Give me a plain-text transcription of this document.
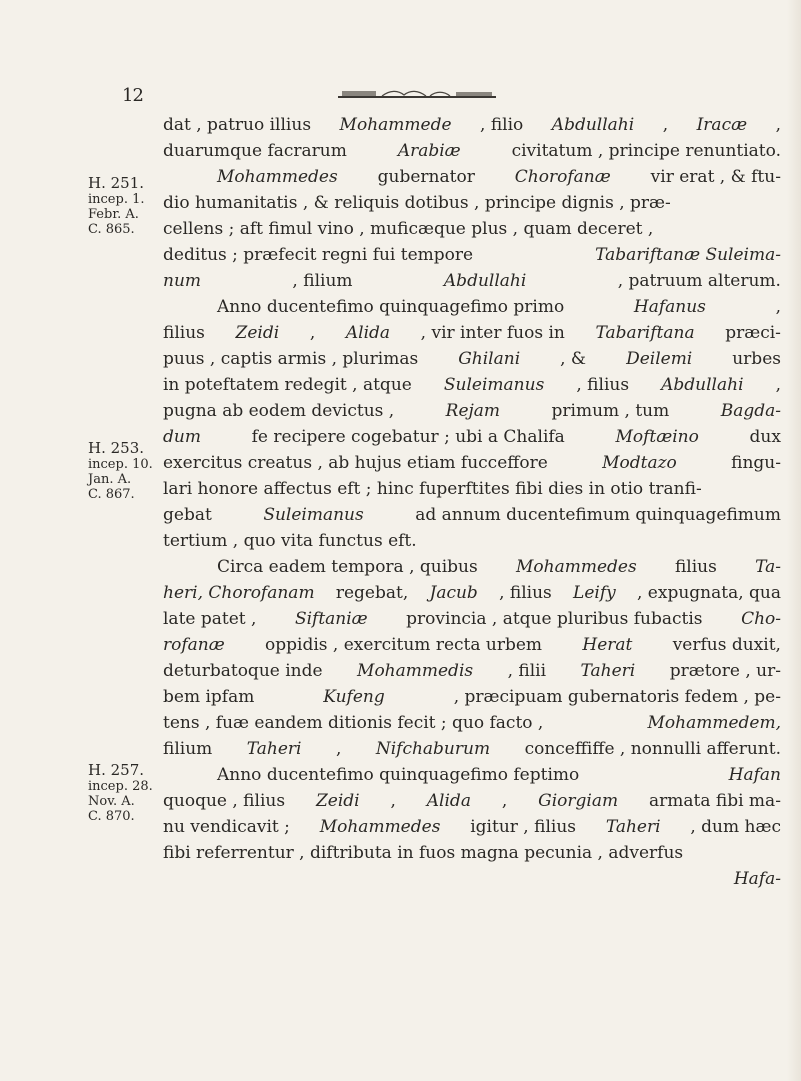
12
dat , patruo illius Mohammede , filio Abdullahi , Iracæ ,
duarumque facrarum	Arabiæ	civitatum , principe renuntiato.
Mohammedes gubernator Chorofanæ vir erat , & ftu-
dio humanitatis , & reliquis dotibus , principe dignis , præ-
cellens ; aft fimul vino , muficæque plus , quam deceret ,
deditus ; præfecit regni fui tempore	Tabariftanæ Suleima-
num	, filium	Abdullahi	, patruum alterum.
Anno ducentefimo quinquagefimo primo	Hafanus	,
filius Zeidi , Alida , vir inter fuos in Tabariftana præci-
puus , captis armis , plurimas Ghilani , & Deilemi urbes
in poteftatem redegit , atque Suleimanus , filius Abdullahi ,
pugna ab eodem devictus ,	Rejam	primum , tum	Bagda-
dum	fe recipere cogebatur ; ubi a Chalifa	Moftæino	dux
exercitus creatus , ab hujus etiam fucceffore	Modtazo	fingu-
lari honore affectus eft ; hinc fuperftites fibi dies in otio tranfi-
gebat	Suleimanus	ad annum ducentefimum quinquagefimum
tertium , quo vita functus eft.
Circa eadem tempora , quibus Mohammedes filius Ta-
heri, Chorofanam regebat, Jacub , filius Leify , expugnata, qua
late patet , Siftaniæ provincia , atque pluribus fubactis Cho-
rofanæ oppidis , exercitum recta urbem Herat verfus duxit,
deturbatoque inde Mohammedis , filii Taheri prætore , ur-
bem ipfam	Kufeng	, præcipuam gubernatoris fedem , pe-
tens , fuæ eandem ditionis fecit ; quo facto ,	Mohammedem,
filium Taheri , Nifchaburum conceffiffe , nonnulli afferunt.
Anno ducentefimo quinquagefimo feptimo	Hafan
quoque , filius Zeidi , Alida , Giorgiam armata fibi ma-
nu vendicavit ; Mohammedes igitur , filius Taheri , dum hæc
fibi referrentur , diftributa in fuos magna pecunia , adverfus
Hafa-
H. 251.
incep. 1.
Febr. A.
C. 865.
H. 253.
incep. 10.
Jan. A.
C. 867.
H. 257.
incep. 28.
Nov. A.
C. 870.
